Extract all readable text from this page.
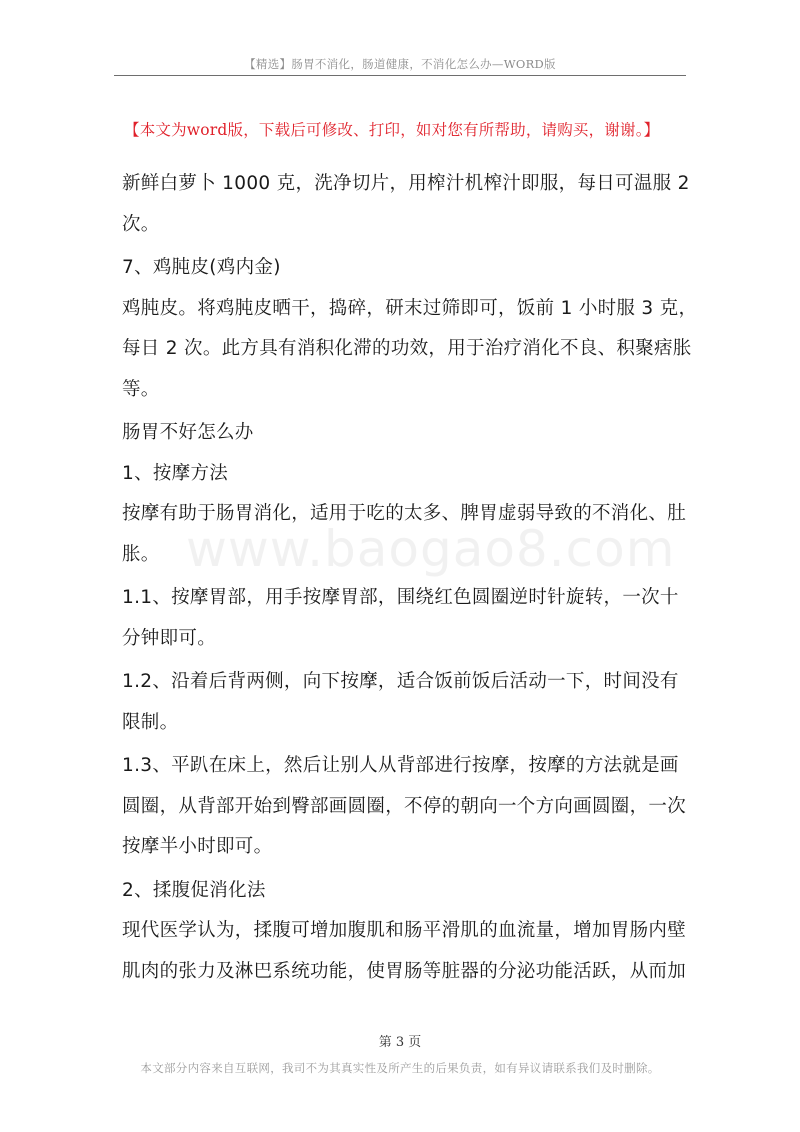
【精选】肠胃不消化，肠道健康，不消化怎么办—WORD版
【本文为word版，下载后可修改、打印，如对您有所帮助，请购买，谢谢。】
www.baogao8.com

新鲜白萝卜 1000 克，洗净切片，用榨汁机榨汁即服，每日可温服 2

次。

7、鸡肫皮(鸡内金)

鸡肫皮。将鸡肫皮晒干，捣碎，研末过筛即可，饭前 1 小时服 3 克，

每日 2 次。此方具有消积化滞的功效，用于治疗消化不良、积聚痞胀

等。

肠胃不好怎么办

1、按摩方法

按摩有助于肠胃消化，适用于吃的太多、脾胃虚弱导致的不消化、肚

胀。

1.1、按摩胃部，用手按摩胃部，围绕红色圆圈逆时针旋转，一次十

分钟即可。

1.2、沿着后背两侧，向下按摩，适合饭前饭后活动一下，时间没有

限制。

1.3、平趴在床上，然后让别人从背部进行按摩，按摩的方法就是画

圆圈，从背部开始到臀部画圆圈，不停的朝向一个方向画圆圈，一次

按摩半小时即可。

2、揉腹促消化法

现代医学认为，揉腹可增加腹肌和肠平滑肌的血流量，增加胃肠内壁

肌肉的张力及淋巴系统功能，使胃肠等脏器的分泌功能活跃，从而加

第 3 页
本文部分内容来自互联网，我司不为其真实性及所产生的后果负责，如有异议请联系我们及时删除。
